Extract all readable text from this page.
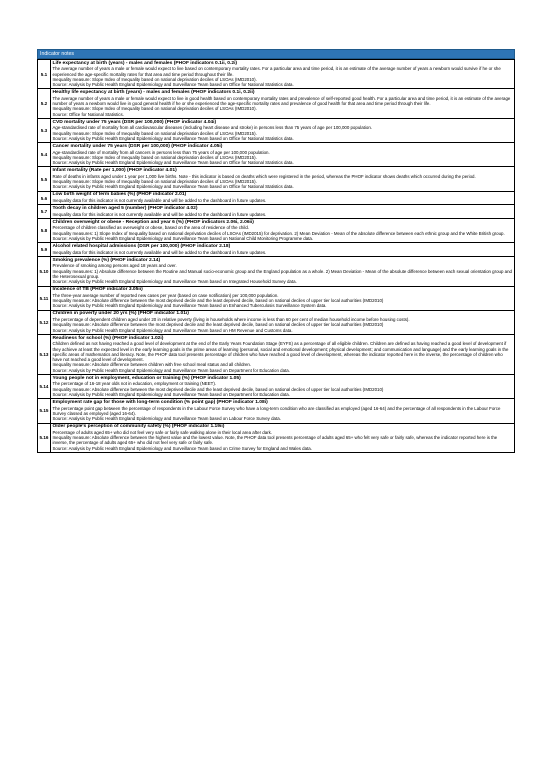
Indicator notes
5.1	Life expectancy at birth (years) - males and females (PHOF indicators 0.1ii, 0.2i)
The average number of years a male or female would expect to live based on contemporary mortality rates. For a particular area and time period, it is an estimate of the average number of years a newborn would survive if he or she experienced the age-specific mortality rates for that area and time period throughout their life.
Inequality measure: Slope Index of Inequality based on national deprivation deciles of LSOAs (IMD2010).
Source: Analysis by Public Health England Epidemiology and Surveillance Team based on Office for National Statistics data.

5.2	Healthy life expectancy at birth (years) - males and females (PHOF indicators 0.1i, 0.2ii)
The average number of years a male or female would expect to live in good health based on contemporary mortality rates and prevalence of self-reported good health. For a particular area and time period, it is an estimate of the average number of years a newborn would live in good general health if he or she experienced the age-specific mortality rates and prevalence of good health for that area and time period through their life.
Inequality measure: Slope Index of Inequality based on national deprivation deciles of LSOAs (IMD2010).
Source: Office for National Statistics.

5.3	CVD mortality under 75 years (DSR per 100,000) (PHOF indicator 4.04i)
Age-standardised rate of mortality from all cardiovascular diseases (including heart disease and stroke) in persons less than 75 years of age per 100,000 population.
Inequality measure: Slope Index of Inequality based on national deprivation deciles of LSOAs (IMD2015).
Source: Analysis by Public Health England Epidemiology and Surveillance Team based on Office for National Statistics data.

5.4	Cancer mortality under 75 years (DSR per 100,000) (PHOF indicator 4.05i)
Age-standardised rate of mortality from all cancers in persons less than 75 years of age per 100,000 population.
Inequality measure: Slope Index of Inequality based on national deprivation deciles of LSOAs (IMD2015).
Source: Analysis by Public Health England Epidemiology and Surveillance Team based on Office for National Statistics data.

5.5	Infant mortality (Rate per 1,000) (PHOF indicator 4.01)
Rate of deaths in infants aged under 1 year per 1,000 live births. Note - this indicator is based on deaths which were registered in the period, whereas the PHOF indicator shows deaths which occurred during the period.
Inequality measure: Slope Index of Inequality based on national deprivation deciles of LSOAs (IMD2015).
Source: Analysis by Public Health England Epidemiology and Surveillance Team based on Office for National Statistics data.

5.6	Low birth weight of term babies (%) (PHOF indicator 2.01)
Inequality data for this indicator is not currently available and will be added to the dashboard in future updates.

5.7	Tooth decay in children aged 5 (number) (PHOF indicator 4.02)
Inequality data for this indicator is not currently available and will be added to the dashboard in future updates.

5.8	Children overweight or obese - Reception and year 6 (%) (PHOF indicators 2.06i, 2.06ii)
Percentage of children classified as overweight or obese, based on the area of residence of the child.
Inequality measures: 1) Slope Index of Inequality based on national deprivation deciles of LSOAs (IMD2015) for deprivation. 2) Mean Deviation - Mean of the absolute difference between each ethnic group and the White British group.
Source: Analysis by Public Health England Epidemiology and Surveillance Team based on National Child Monitoring Programme data.

5.9	Alcohol related hospital admissions (DSR per 100,000) (PHOF indicator 2.18)
Inequality data for this indicator is not currently available and will be added to the dashboard in future updates.

5.10	Smoking prevalence (%) (PHOF indicator 2.14)
Prevalence of smoking among persons aged 18 years and over.
Inequality measures: 1) Absolute difference between the Routine and Manual socio-economic group and the England population as a whole. 2) Mean Deviation - Mean of the absolute difference between each sexual orientation group and the Heterosexual group.
Source: Analysis by Public Health England Epidemiology and Surveillance Team based on Integrated Household Survey data.

5.11	Incidence of TB (PHOF indicator 3.05ii)
The three-year average number of reported new cases per year (based on case notification) per 100,000 population.
Inequality measure: Absolute difference between the most deprived decile and the least deprived decile, based on national deciles of upper tier local authorities (IMD2010)
Source: Analysis by Public Health England Epidemiology and Surveillance Team based on Enhanced Tuberculosis Surveillance System data.

5.12	Children in poverty under 20 yrs (%) (PHOF indicator 1.01i)
The percentage of dependent children aged under 20 in relative poverty (living in households where income is less than 60 per cent of median household income before housing costs).
Inequality measure: Absolute difference between the most deprived decile and the least deprived decile, based on national deciles of upper tier local authorities (IMD2010)
Source: Analysis by Public Health England Epidemiology and Surveillance Team based on HM Revenue and Customs data.

5.13	Readiness for school (%) (PHOF indicator 1.02i)
Children defined as not having reached a good level of development at the end of the Early Years Foundation Stage (EYFS) as a percentage of all eligible children. Children are defined as having reached a good level of development if they achieve at least the expected level in the early learning goals in the prime areas of learning (personal, social and emotional development; physical development; and communication and language) and the early learning goals in the specific areas of mathematics and literacy. Note, the PHOF data tool presents percentage of children who have reached a good level of development, whereas the indicator reported here is the inverse, the percentage of children who have not reached a good level of development.
Inequality measure: Absolute difference between children with free school meal status and all children.
Source: Analysis by Public Health England Epidemiology and Surveillance Team based on Department for Education data.

5.14	Young people not in employment, education or training (%) (PHOF indicator 1.05)
The percentage of 16-18 year olds not in education, employment or training (NEET).
Inequality measure: Absolute difference between the most deprived decile and the least deprived decile, based on national deciles of upper tier local authorities (IMD2010)
Source: Analysis by Public Health England Epidemiology and Surveillance Team based on Department for Education data.

5.15	Employment rate gap for those with long-term condition (% point gap) (PHOF indicator 1.08i)
The percentage point gap between the percentage of respondents in the Labour Force Survey who have a long-term condition who are classified as employed (aged 16-64) and the percentage of all respondents in the Labour Force Survey classed as employed (aged 16-64).
Source: Analysis by Public Health England Epidemiology and Surveillance Team based on Labour Force Survey data.

5.16	Older people's perception of community safety (%) (PHOF indicator 1.19ii)
Percentage of adults aged 65+ who did not feel very safe or fairly safe walking alone in their local area after dark.
Inequality measure: Absolute difference between the highest value and the lowest value. Note, the PHOF data tool presents percentage of adults aged 65+ who felt very safe or fairly safe, whereas the indicator reported here is the inverse, the percentage of adults aged 65+ who did not feel very safe or fairly safe.
Source: Analysis by Public Health England Epidemiology and Surveillance Team based on Crime Survey for England and Wales data.
